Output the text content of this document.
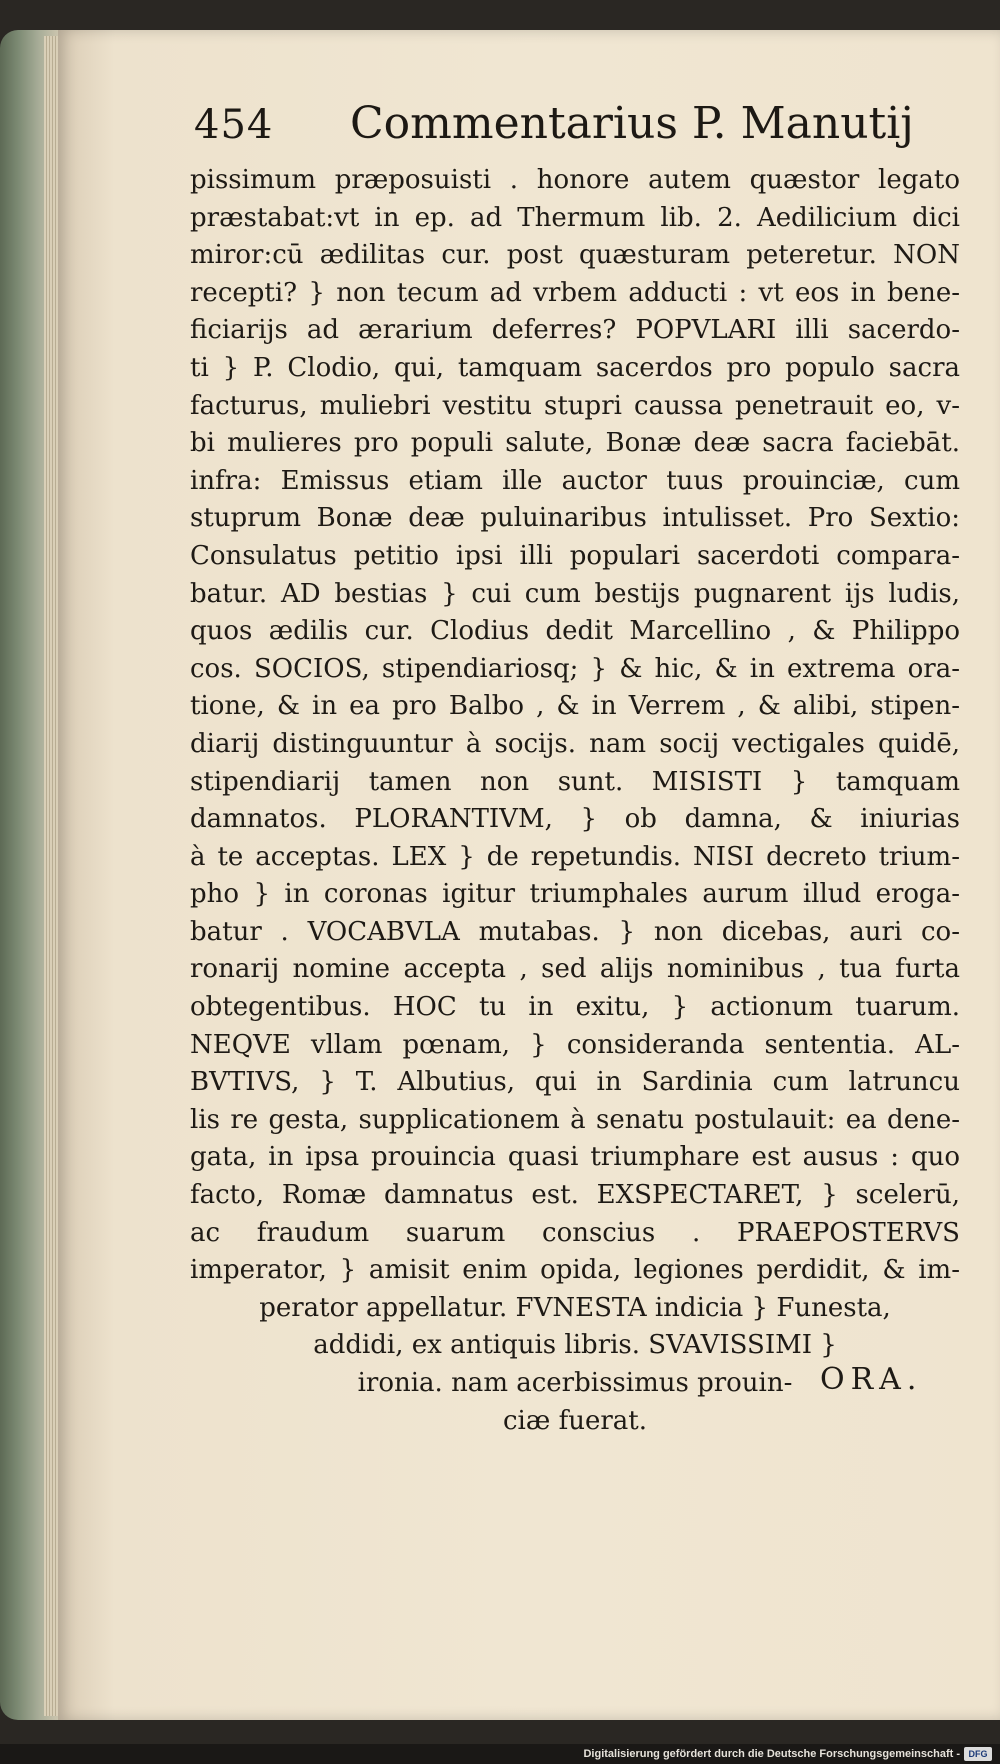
454 Commentarius P. Manutij
pissimum præposuisti . honore autem quæstor legato
præstabat:vt in ep. ad Thermum lib. 2. Aedilicium dici
miror:cū ædilitas cur. post quæsturam peteretur. NON
recepti? } non tecum ad vrbem adducti : vt eos in bene-
ficiarijs ad ærarium deferres? POPVLARI illi sacerdo-
ti } P. Clodio, qui, tamquam sacerdos pro populo sacra
facturus, muliebri vestitu stupri caussa penetrauit eo, v-
bi mulieres pro populi salute, Bonæ deæ sacra faciebāt.
infra: Emissus etiam ille auctor tuus prouinciæ, cum
stuprum Bonæ deæ puluinaribus intulisset. Pro Sextio:
Consulatus petitio ipsi illi populari sacerdoti compara-
batur. AD bestias } cui cum bestijs pugnarent ijs ludis,
quos ædilis cur. Clodius dedit Marcellino , & Philippo
cos. SOCIOS, stipendiariosq; } & hic, & in extrema ora-
tione, & in ea pro Balbo , & in Verrem , & alibi, stipen-
diarij distinguuntur à socijs. nam socij vectigales quidē,
stipendiarij tamen non sunt. MISISTI } tamquam
damnatos. PLORANTIVM, } ob damna, & iniurias
à te acceptas. LEX } de repetundis. NISI decreto trium-
pho } in coronas igitur triumphales aurum illud eroga-
batur . VOCABVLA mutabas. } non dicebas, auri co-
ronarij nomine accepta , sed alijs nominibus , tua furta
obtegentibus. HOC tu in exitu, } actionum tuarum.
NEQVE vllam pœnam, } consideranda sententia. AL-
BVTIVS, } T. Albutius, qui in Sardinia cum latruncu
lis re gesta, supplicationem à senatu postulauit: ea dene-
gata, in ipsa prouincia quasi triumphare est ausus : quo
facto, Romæ damnatus est. EXSPECTARET, } scelerū,
ac fraudum suarum conscius . PRAEPOSTERVS
imperator, } amisit enim opida, legiones perdidit, & im-
perator appellatur. FVNESTA indicia } Funesta,
addidi, ex antiquis libris. SVAVISSIMI }
ironia. nam acerbissimus prouin-
ciæ fuerat.
ORA.
Digitalisierung gefördert durch die Deutsche Forschungsgemeinschaft - DFG
